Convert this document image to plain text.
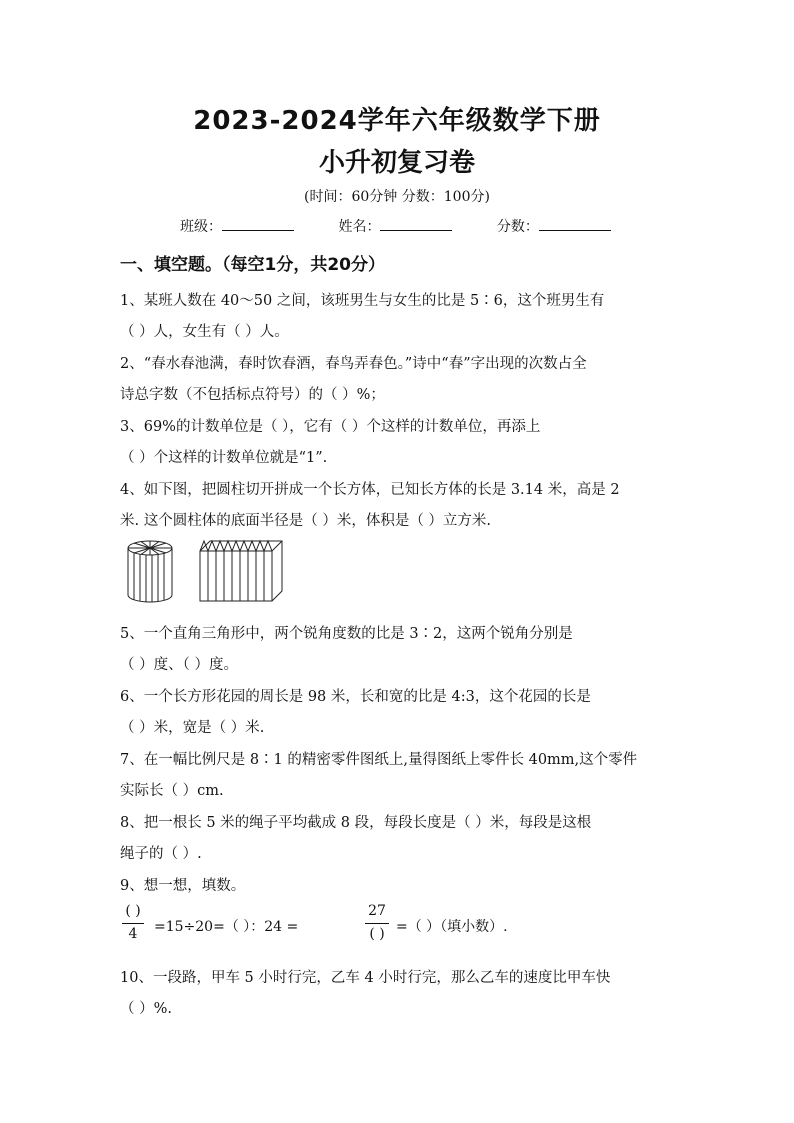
2023-2024学年六年级数学下册
小升初复习卷
(时间：60分钟 分数：100分)
班级：	姓名：	分数：
一、填空题。（每空1分，共20分）
1、某班人数在 40～50 之间，该班男生与女生的比是 5∶6，这个班男生有
（ ）人，女生有（ ）人。
2、“春水春池满，春时饮春酒，春鸟弄春色。”诗中“春”字出现的次数占全
诗总字数（不包括标点符号）的（ ）%；
3、69%的计数单位是（ ），它有（ ）个这样的计数单位，再添上
（ ）个这样的计数单位就是“1”.
4、如下图，把圆柱切开拼成一个长方体，已知长方体的长是 3.14 米，高是 2
米. 这个圆柱体的底面半径是（ ）米，体积是（ ）立方米.
5、一个直角三角形中，两个锐角度数的比是 3∶2，这两个锐角分别是
（ ）度、（ ）度。
6、一个长方形花园的周长是 98 米，长和宽的比是 4:3，这个花园的长是
（ ）米，宽是（ ）米.
7、在一幅比例尺是 8∶1 的精密零件图纸上,量得图纸上零件长 40mm,这个零件
实际长（ ）cm.
8、把一根长 5 米的绳子平均截成 8 段，每段长度是（ ）米，每段是这根
绳子的（ ）.
9、想一想，填数。
( )
4	=15÷20=（ ）：24 =
27
( ) =（ ）（填小数）.
10、一段路，甲车 5 小时行完，乙车 4 小时行完，那么乙车的速度比甲车快
（ ）%.
